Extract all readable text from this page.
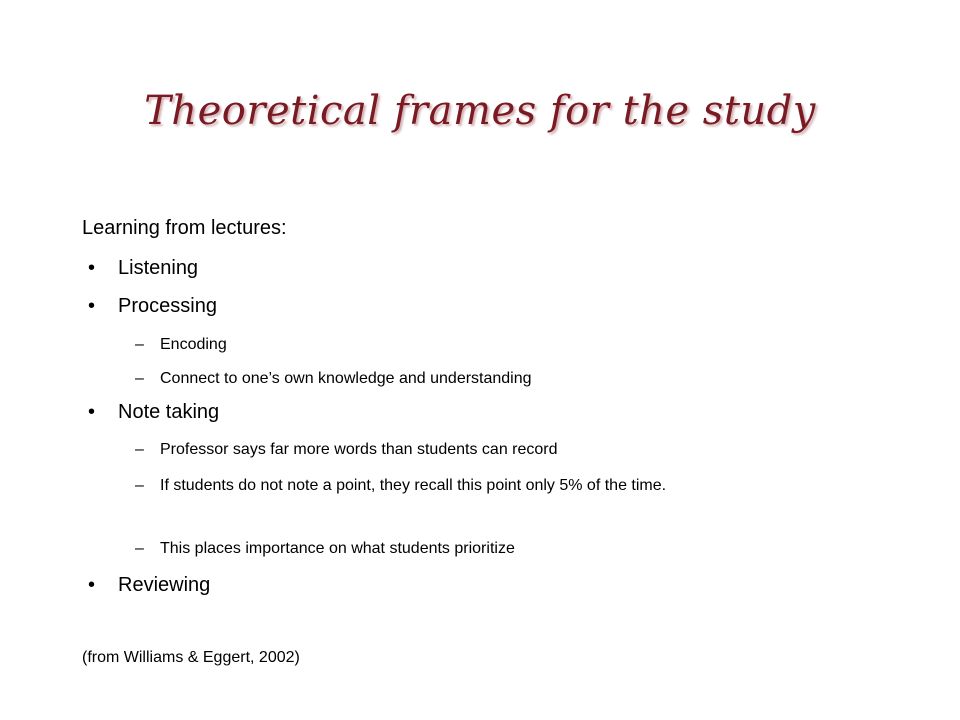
Theoretical frames for the study
Learning from lectures:
• Listening
• Processing
– Encoding
– Connect to one’s own knowledge and understanding
• Note taking
– Professor says far more words than students can record
– If students do not note a point, they recall this point only 5% of the time.
– This places importance on what students prioritize
• Reviewing
(from Williams & Eggert, 2002)
